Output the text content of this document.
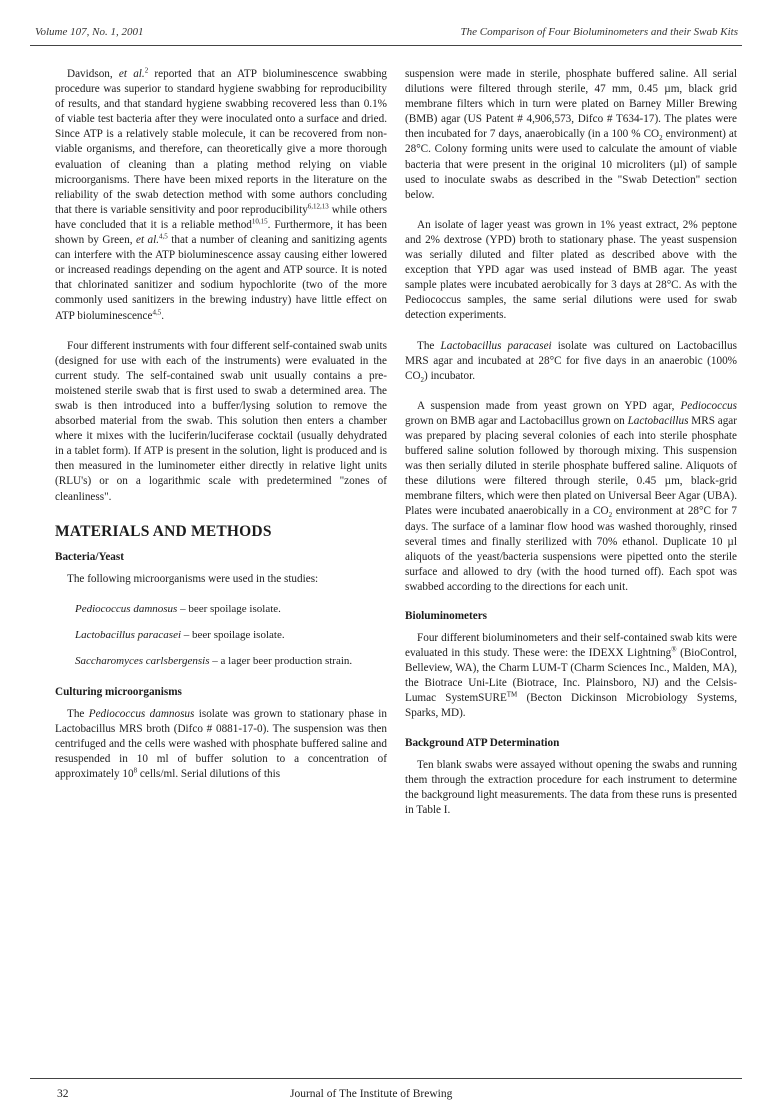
Volume 107, No. 1, 2001	The Comparison of Four Bioluminometers and their Swab Kits

Davidson, et al.$^2$ reported that an ATP bioluminescence swabbing procedure was superior to standard hygiene swabbing for reproducibility of results, and that standard hygiene swabbing recovered less than 0.1% of viable test bacteria after they were inoculated onto a surface and dried. Since ATP is a relatively stable molecule, it can be recovered from non-viable organisms, and therefore, can theoretically give a more thorough evaluation of cleaning than a plating method relying on viable microorganisms. There have been mixed reports in the literature on the reliability of the swab detection method with some authors concluding that there is variable sensitivity and poor reproducibility$^{6,12,13}$ while others have concluded that it is a reliable method$^{10,15}$. Furthermore, it has been shown by Green, et al.$^{4,5}$ that a number of cleaning and sanitizing agents can interfere with the ATP bioluminescence assay causing either lowered or increased readings depending on the agent and ATP source. It is noted that chlorinated sanitizer and sodium hypochlorite (two of the more commonly used sanitizers in the brewing industry) have little effect on ATP bioluminescence$^{4,5}$.

Four different instruments with four different self-contained swab units (designed for use with each of the instruments) were evaluated in the current study. The self-contained swab unit usually contains a pre-moistened sterile swab that is first used to swab a determined area. The swab is then introduced into a buffer/lysing solution to remove the absorbed material from the swab. This solution then enters a chamber where it mixes with the luciferin/luciferase cocktail (usually dehydrated in a tablet form). If ATP is present in the solution, light is produced and is then measured in the luminometer either directly in relative light units (RLU's) or on a logarithmic scale with predetermined "zones of cleanliness".

MATERIALS AND METHODS
Bacteria/Yeast

The following microorganisms were used in the studies:

Pediococcus damnosus – beer spoilage isolate.
Lactobacillus paracasei – beer spoilage isolate.
Saccharomyces carlsbergensis – a lager beer production strain.
Culturing microorganisms

The Pediococcus damnosus isolate was grown to stationary phase in Lactobacillus MRS broth (Difco # 0881-17-0). The suspension was then centrifuged and the cells were washed with phosphate buffered saline and resuspended in 10 ml of buffer solution to a concentration of approximately $10^8$ cells/ml. Serial dilutions of this

suspension were made in sterile, phosphate buffered saline. All serial dilutions were filtered through sterile, 47 mm, 0.45 µm, black grid membrane filters which in turn were plated on Barney Miller Brewing (BMB) agar (US Patent # 4,906,573, Difco # T634-17). The plates were then incubated for 7 days, anaerobically (in a 100 % $CO_2$ environment) at 28°C. Colony forming units were used to calculate the amount of viable bacteria that were present in the original 10 microliters (µl) of sample used to inoculate swabs as described in the "Swab Detection" section below.

An isolate of lager yeast was grown in 1% yeast extract, 2% peptone and 2% dextrose (YPD) broth to stationary phase. The yeast suspension was serially diluted and filter plated as described above with the exception that YPD agar was used instead of BMB agar. The yeast sample plates were incubated aerobically for 3 days at 28°C. As with the Pediococcus samples, the same serial dilutions were used for swab detection experiments.

The Lactobacillus paracasei isolate was cultured on Lactobacillus MRS agar and incubated at 28°C for five days in an anaerobic (100% $CO_2$) incubator.

A suspension made from yeast grown on YPD agar, Pediococcus grown on BMB agar and Lactobacillus grown on Lactobacillus MRS agar was prepared by placing several colonies of each into sterile phosphate buffered saline solution followed by thorough mixing. This suspension was then serially diluted in sterile phosphate buffered saline. Aliquots of these dilutions were filtered through sterile, 0.45 µm, black-grid membrane filters, which were then plated on Universal Beer Agar (UBA). Plates were incubated anaerobically in a $CO_2$ environment at 28°C for 7 days. The surface of a laminar flow hood was washed thoroughly, rinsed several times and finally sterilized with 70% ethanol. Duplicate 10 µl aliquots of the yeast/bacteria suspensions were pipetted onto the sterile surface and allowed to dry (with the hood turned off). Each spot was swabbed according to the directions for each unit.

Bioluminometers

Four different bioluminometers and their self-contained swab kits were evaluated in this study. These were: the IDEXX Lightning® (BioControl, Belleview, WA), the Charm LUM-T (Charm Sciences Inc., Malden, MA), the Biotrace Uni-Lite (Biotrace, Inc. Plainsboro, NJ) and the Celsis-Lumac SystemSURE™ (Becton Dickinson Microbiology Systems, Sparks, MD).

Background ATP Determination

Ten blank swabs were assayed without opening the swabs and running them through the extraction procedure for each instrument to determine the background light measurements. The data from these runs is presented in Table I.

32	Journal of The Institute of Brewing
